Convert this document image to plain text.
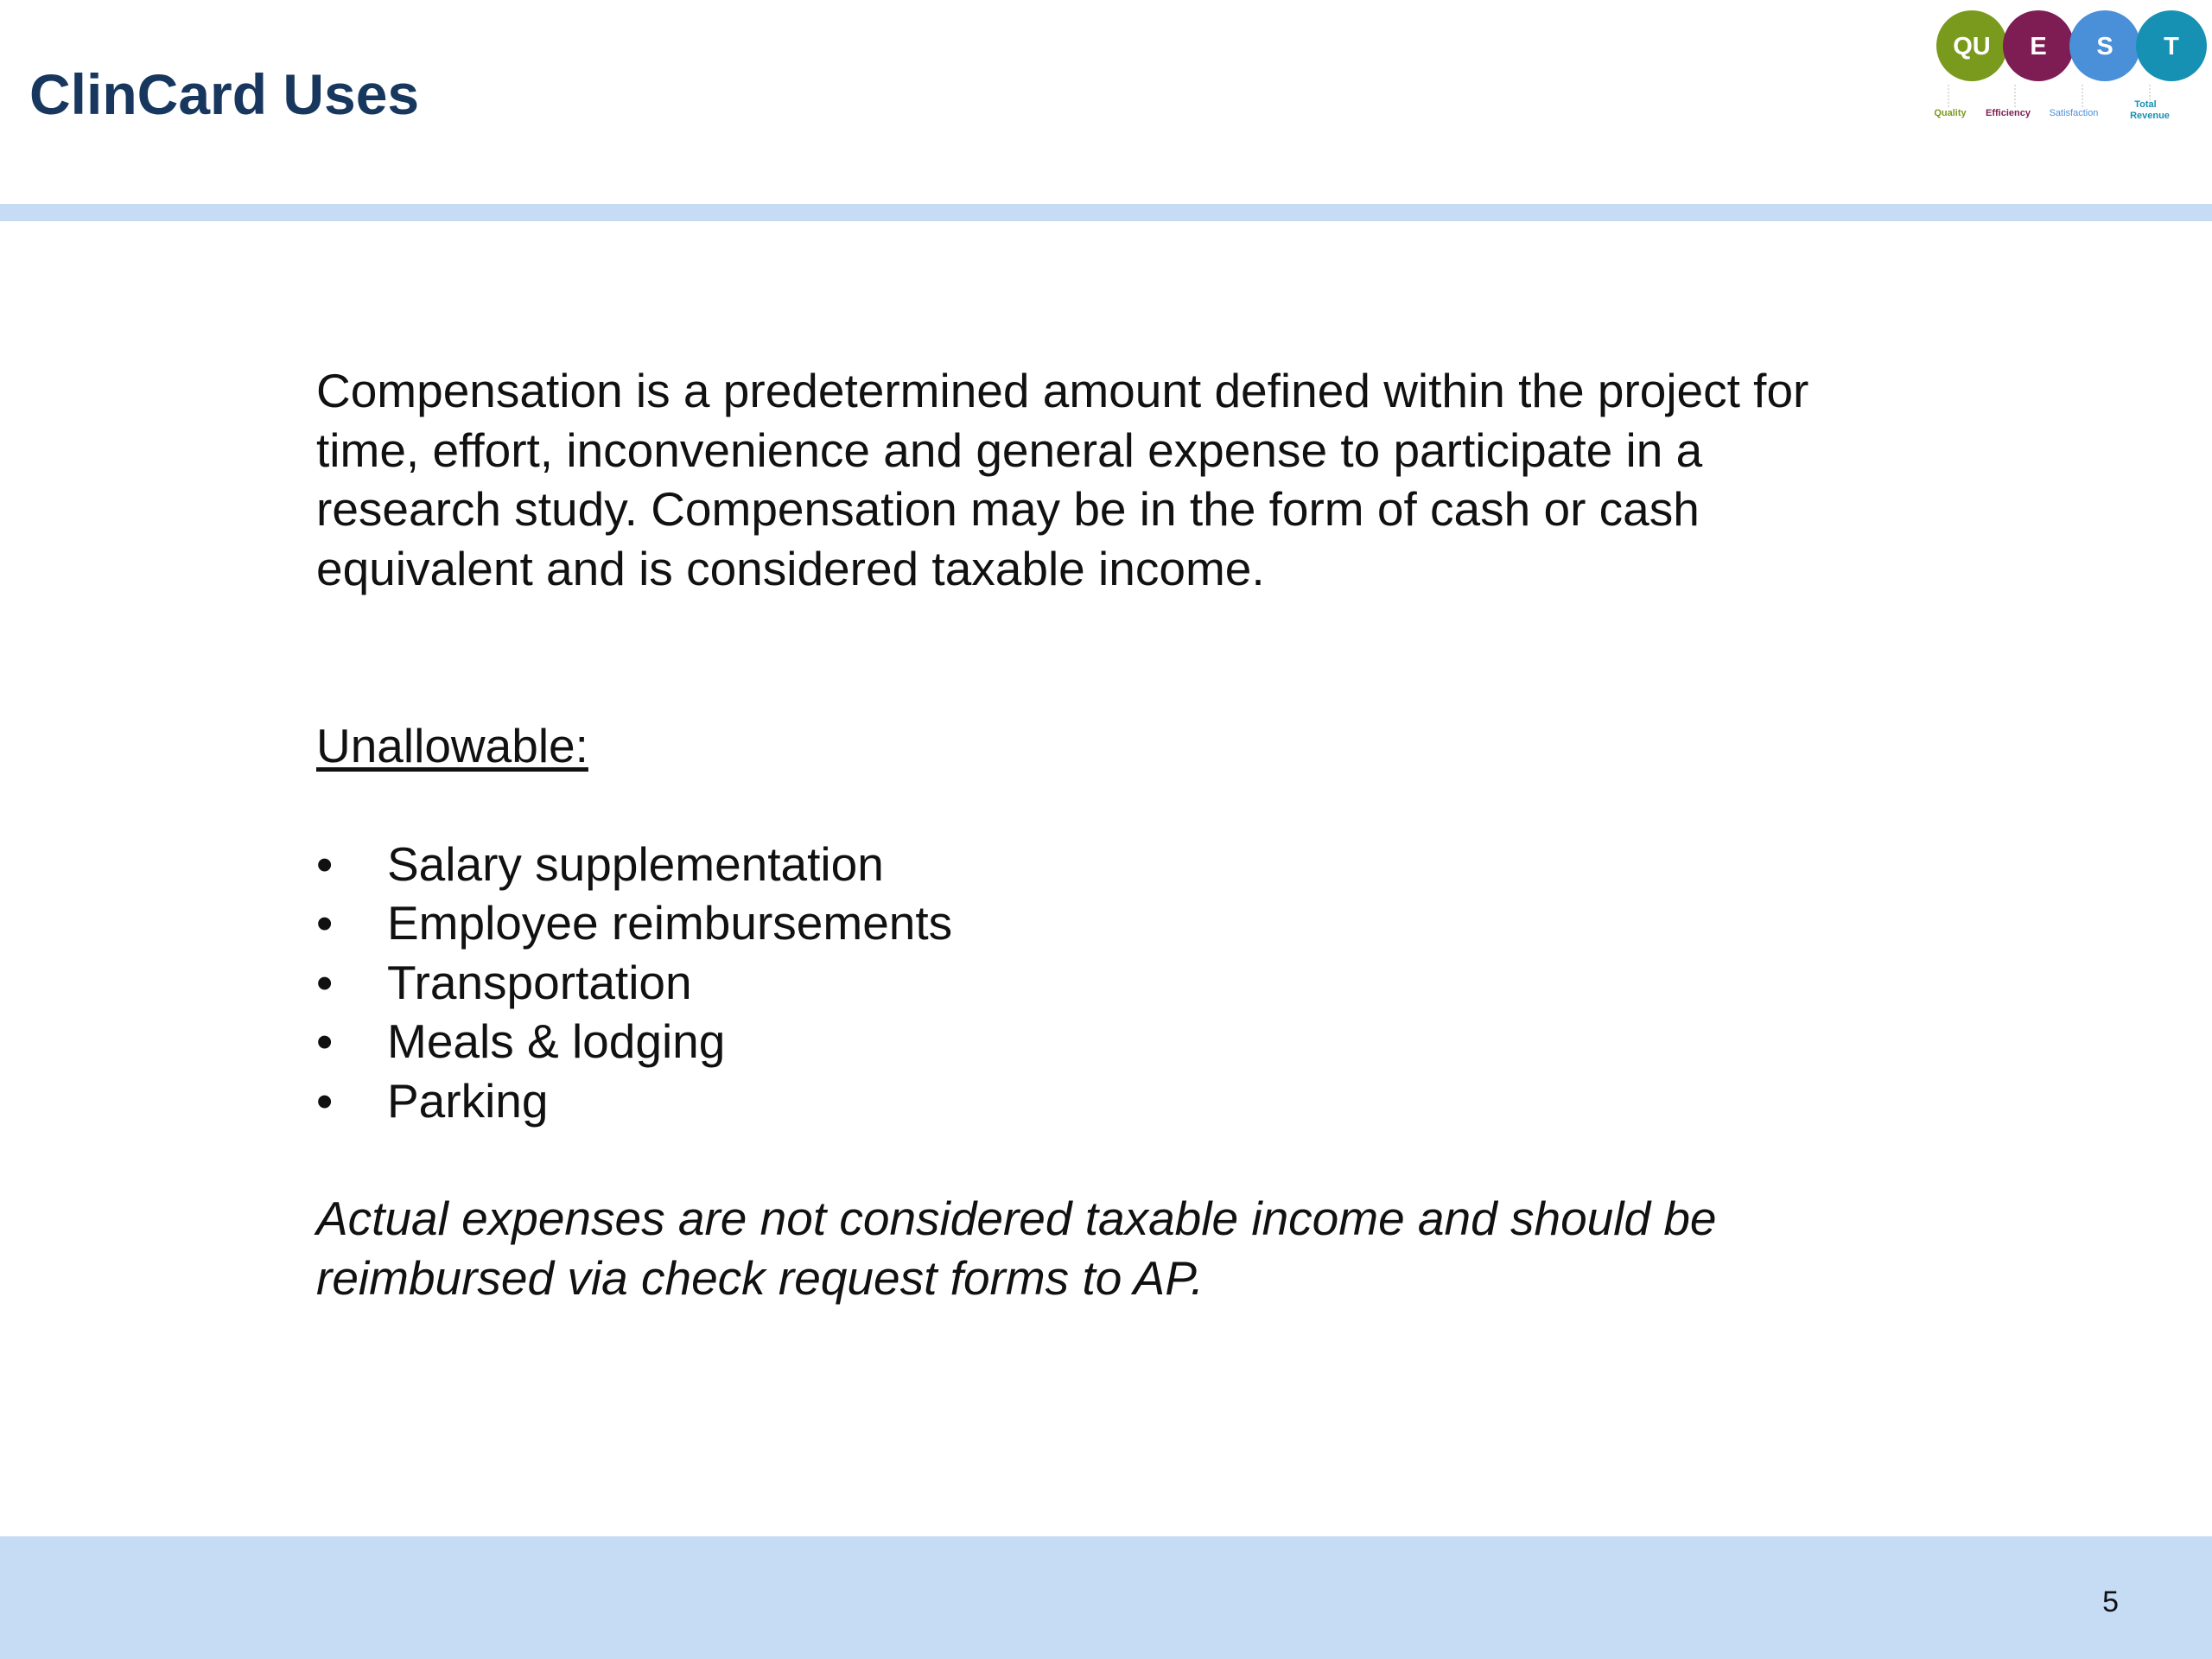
ClinCard Uses
QU E S T
Quality Efficiency Satisfaction
Total
Revenue

Compensation is a predetermined amount defined within the project for time, effort, inconvenience and general expense to participate in a research study. Compensation may be in the form of cash or cash equivalent and is considered taxable income.

Unallowable:

• Salary supplementation
• Employee reimbursements
• Transportation
• Meals & lodging
• Parking

Actual expenses are not considered taxable income and should be reimbursed via check request forms to AP.

5
